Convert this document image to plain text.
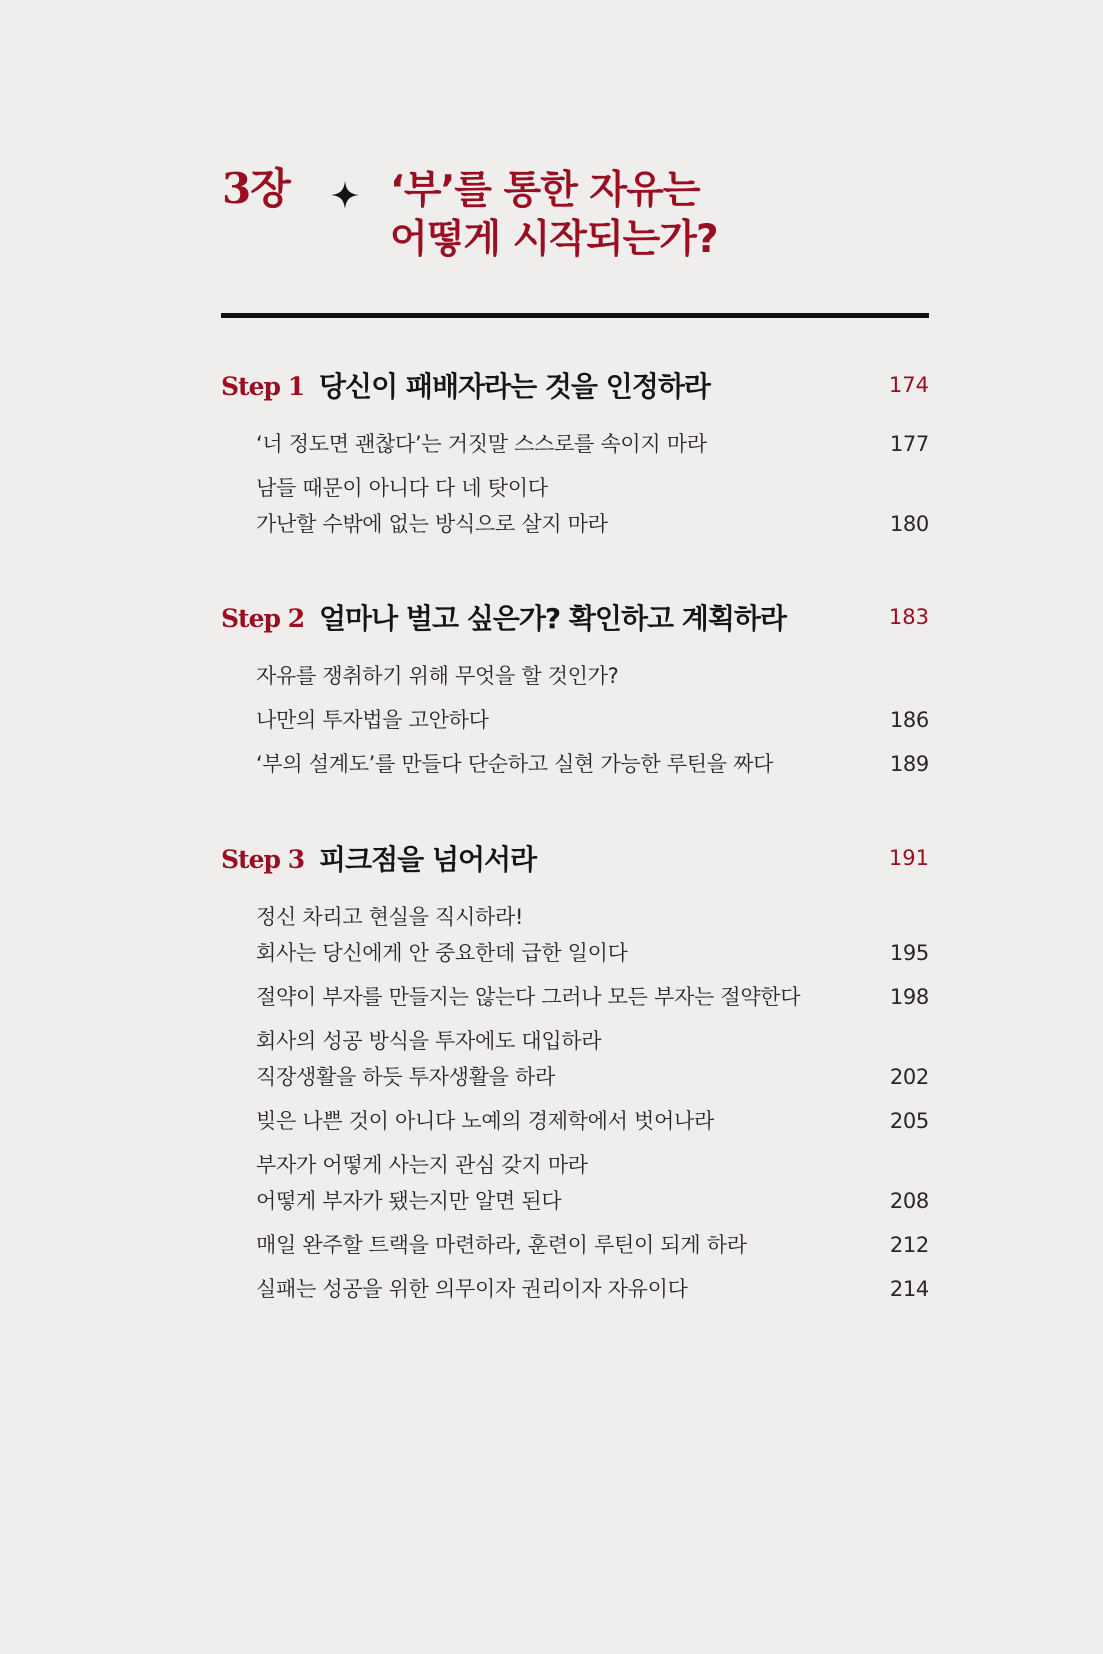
3장	‘부’를 통한 자유는
어떻게 시작되는가?
Step 1 당신이 패배자라는 것을 인정하라	174
‘너 정도면 괜찮다’는 거짓말 스스로를 속이지 마라	177
남들 때문이 아니다 다 네 탓이다
가난할 수밖에 없는 방식으로 살지 마라	180
Step 2 얼마나 벌고 싶은가? 확인하고 계획하라	183
자유를 쟁취하기 위해 무엇을 할 것인가?
나만의 투자법을 고안하다	186
‘부의 설계도’를 만들다 단순하고 실현 가능한 루틴을 짜다	189
Step 3 피크점을 넘어서라	191
정신 차리고 현실을 직시하라!
회사는 당신에게 안 중요한데 급한 일이다	195
절약이 부자를 만들지는 않는다 그러나 모든 부자는 절약한다	198
회사의 성공 방식을 투자에도 대입하라
직장생활을 하듯 투자생활을 하라	202
빚은 나쁜 것이 아니다 노예의 경제학에서 벗어나라	205
부자가 어떻게 사는지 관심 갖지 마라
어떻게 부자가 됐는지만 알면 된다	208
매일 완주할 트랙을 마련하라, 훈련이 루틴이 되게 하라	212
실패는 성공을 위한 의무이자 권리이자 자유이다	214
